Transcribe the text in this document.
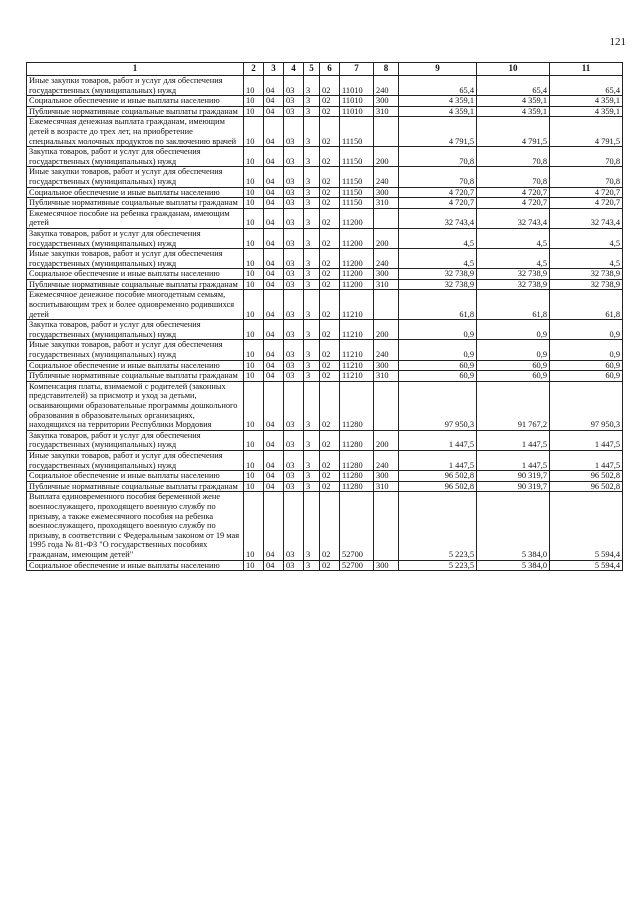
121
1	2	3	4	5	6	7	8	9	10	11
Иные закупки товаров, работ и услуг для обеспечения государственных (муниципальных) нужд	10	04	03	3	02	11010	240	65,4	65,4	65,4
Социальное обеспечение и иные выплаты населению	10	04	03	3	02	11010	300	4 359,1	4 359,1	4 359,1
Публичные нормативные социальные выплаты гражданам	10	04	03	3	02	11010	310	4 359,1	4 359,1	4 359,1
Ежемесячная денежная выплата гражданам, имеющим детей в возрасте до трех лет, на приобретение специальных молочных продуктов по заключению врачей	10	04	03	3	02	11150		4 791,5	4 791,5	4 791,5
Закупка товаров, работ и услуг для обеспечения государственных (муниципальных) нужд	10	04	03	3	02	11150	200	70,8	70,8	70,8
Иные закупки товаров, работ и услуг для обеспечения государственных (муниципальных) нужд	10	04	03	3	02	11150	240	70,8	70,8	70,8
Социальное обеспечение и иные выплаты населению	10	04	03	3	02	11150	300	4 720,7	4 720,7	4 720,7
Публичные нормативные социальные выплаты гражданам	10	04	03	3	02	11150	310	4 720,7	4 720,7	4 720,7
Ежемесячное пособие на ребенка гражданам, имеющим детей	10	04	03	3	02	11200		32 743,4	32 743,4	32 743,4
Закупка товаров, работ и услуг для обеспечения государственных (муниципальных) нужд	10	04	03	3	02	11200	200	4,5	4,5	4,5
Иные закупки товаров, работ и услуг для обеспечения государственных (муниципальных) нужд	10	04	03	3	02	11200	240	4,5	4,5	4,5
Социальное обеспечение и иные выплаты населению	10	04	03	3	02	11200	300	32 738,9	32 738,9	32 738,9
Публичные нормативные социальные выплаты гражданам	10	04	03	3	02	11200	310	32 738,9	32 738,9	32 738,9
Ежемесячное денежное пособие многодетным семьям, воспитывающим трех и более одновременно родившихся детей	10	04	03	3	02	11210		61,8	61,8	61,8
Закупка товаров, работ и услуг для обеспечения государственных (муниципальных) нужд	10	04	03	3	02	11210	200	0,9	0,9	0,9
Иные закупки товаров, работ и услуг для обеспечения государственных (муниципальных) нужд	10	04	03	3	02	11210	240	0,9	0,9	0,9
Социальное обеспечение и иные выплаты населению	10	04	03	3	02	11210	300	60,9	60,9	60,9
Публичные нормативные социальные выплаты гражданам	10	04	03	3	02	11210	310	60,9	60,9	60,9
Компенсация платы, взимаемой с родителей (законных представителей) за присмотр и уход за детьми, осваивающими образовательные программы дошкольного образования в образовательных организациях, находящихся на территории Республики Мордовия	10	04	03	3	02	11280		97 950,3	91 767,2	97 950,3
Закупка товаров, работ и услуг для обеспечения государственных (муниципальных) нужд	10	04	03	3	02	11280	200	1 447,5	1 447,5	1 447,5
Иные закупки товаров, работ и услуг для обеспечения государственных (муниципальных) нужд	10	04	03	3	02	11280	240	1 447,5	1 447,5	1 447,5
Социальное обеспечение и иные выплаты населению	10	04	03	3	02	11280	300	96 502,8	90 319,7	96 502,8
Публичные нормативные социальные выплаты гражданам	10	04	03	3	02	11280	310	96 502,8	90 319,7	96 502,8
Выплата единовременного пособия беременной жене военнослужащего, проходящего военную службу по призыву, а также ежемесячного пособия на ребенка военнослужащего, проходящего военную службу по призыву, в соответствии с Федеральным законом от 19 мая 1995 года № 81-ФЗ "О государственных пособиях гражданам, имеющим детей"	10	04	03	3	02	52700		5 223,5	5 384,0	5 594,4
Социальное обеспечение и иные выплаты населению	10	04	03	3	02	52700	300	5 223,5	5 384,0	5 594,4
